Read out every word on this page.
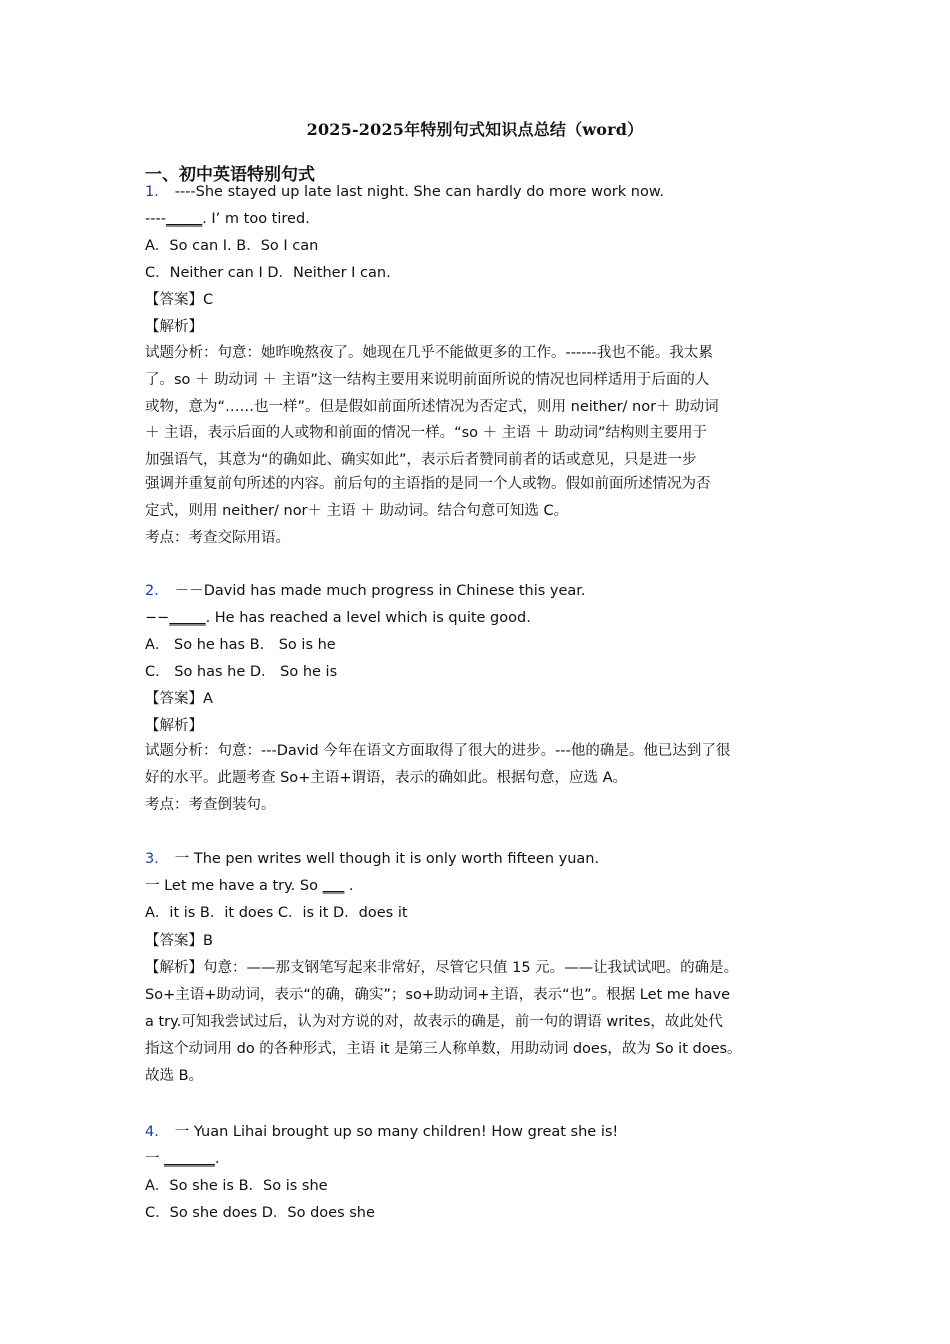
2025-2025年特别句式知识点总结（word）
一、初中英语特别句式
1． ----She stayed up late last night. She can hardly do more work now.
----_____. I’ m too tired.
A．So can I. B．So I can
C．Neither can I D．Neither I can.
【答案】C
【解析】
试题分析：句意：她昨晚熬夜了。她现在几乎不能做更多的工作。------我也不能。我太累
了。so ＋ 助动词 ＋ 主语”这一结构主要用来说明前面所说的情况也同样适用于后面的人
或物，意为“……也一样”。但是假如前面所述情况为否定式，则用 neither/ nor＋ 助动词
＋ 主语，表示后面的人或物和前面的情况一样。“so ＋ 主语 ＋ 助动词”结构则主要用于
加强语气，其意为“的确如此、确实如此”，表示后者赞同前者的话或意见，只是进一步
强调并重复前句所述的内容。前后句的主语指的是同一个人或物。假如前面所述情况为否
定式，则用 neither/ nor＋ 主语 ＋ 助动词。结合句意可知选 C。
考点：考查交际用语。
2． －－David has made much progress in Chinese this year.
−−_____. He has reached a level which is quite good.
A． So he has B． So is he
C． So has he D． So he is
【答案】A
【解析】
试题分析：句意：---David 今年在语文方面取得了很大的进步。---他的确是。他已达到了很
好的水平。此题考查 So+主语+谓语，表示的确如此。根据句意，应选 A。
考点：考查倒装句。
3． 一 The pen writes well though it is only worth fifteen yuan.
一 Let me have a try. So ___ .
A．it is B．it does C．is it D．does it
【答案】B
【解析】句意：——那支钢笔写起来非常好，尽管它只值 15 元。——让我试试吧。的确是。
So+主语+助动词，表示“的确，确实”；so+助动词+主语，表示“也”。根据 Let me have
a try.可知我尝试过后，认为对方说的对，故表示的确是，前一句的谓语 writes，故此处代
指这个动词用 do 的各种形式，主语 it 是第三人称单数，用助动词 does，故为 So it does。
故选 B。
4． 一 Yuan Lihai brought up so many children! How great she is!
一 _______.
A．So she is B．So is she
C．So she does D．So does she
